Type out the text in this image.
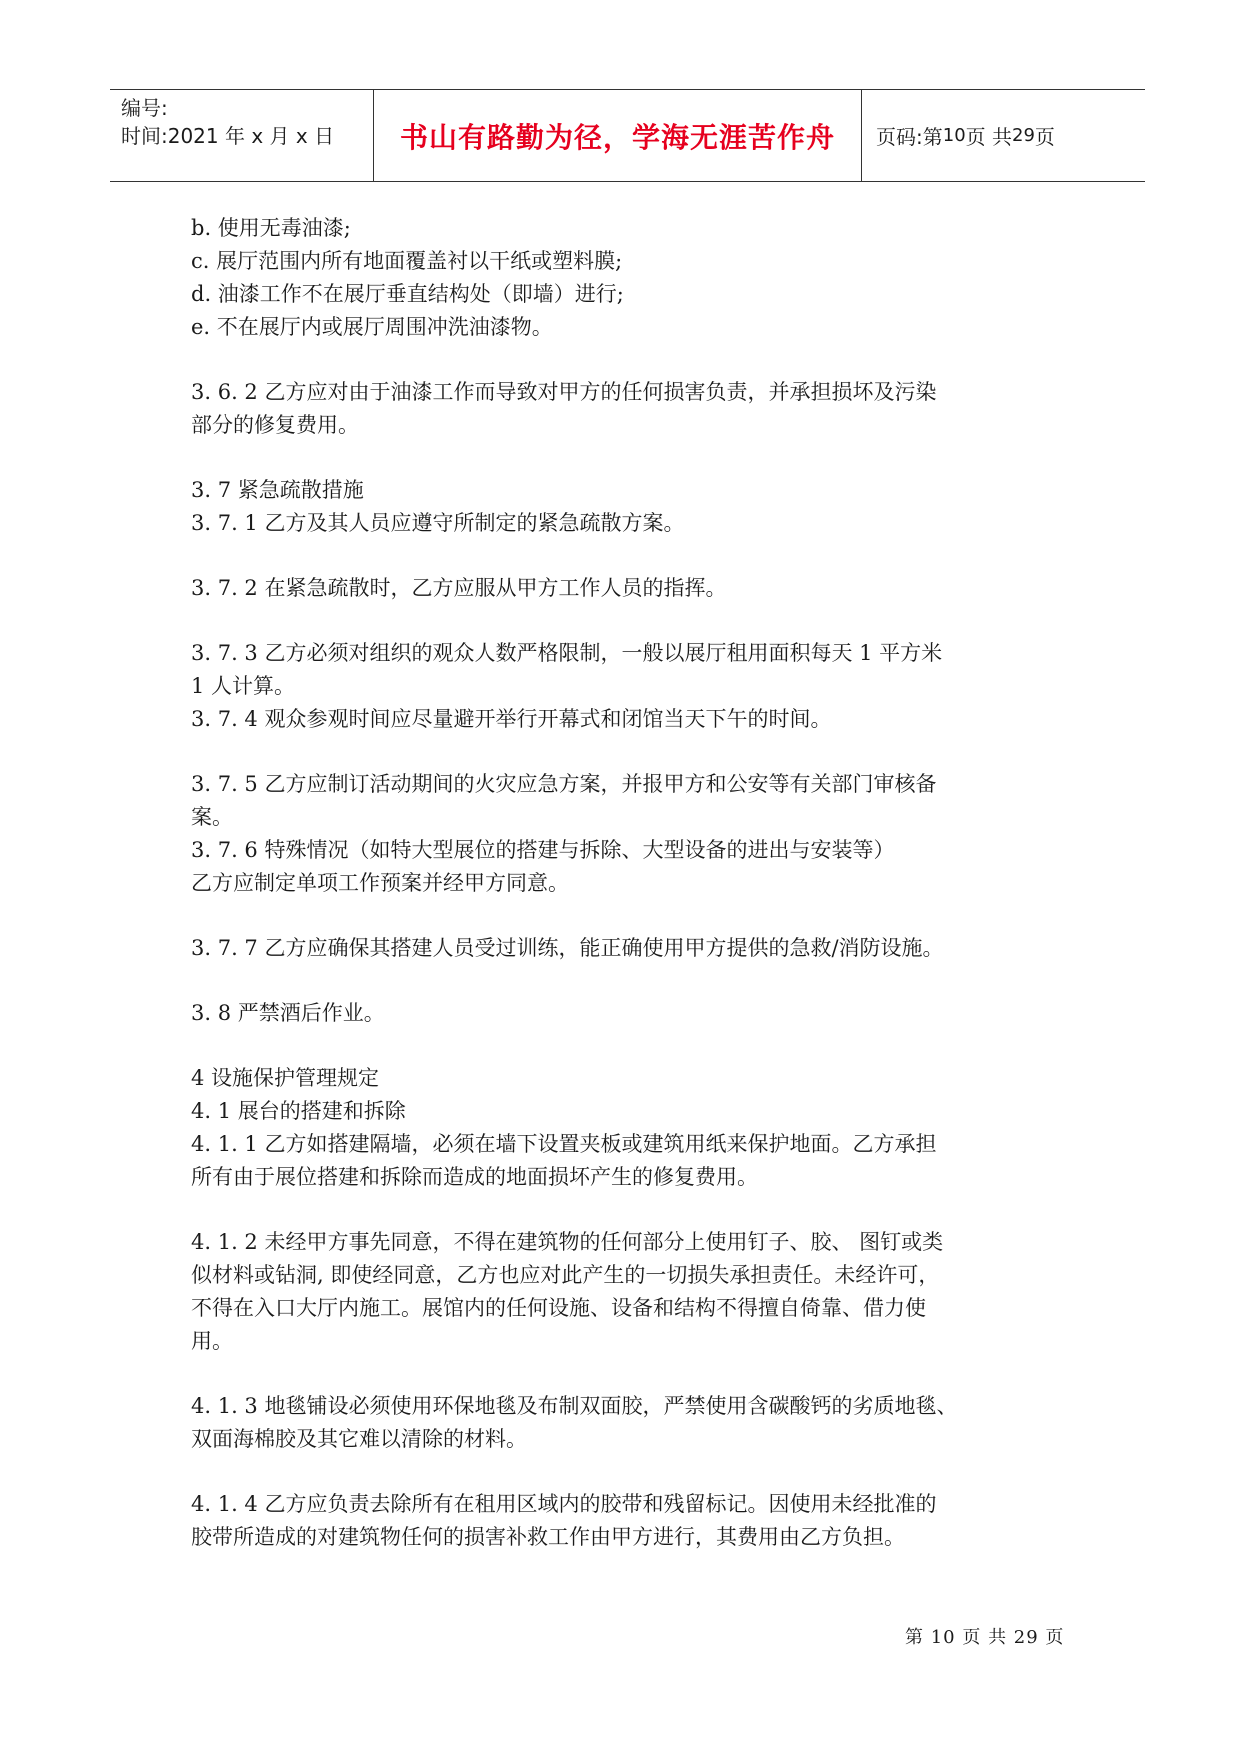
编号:
时间:2021 年 x 月 x 日	书山有路勤为径，学海无涯苦作舟	页码:第 10 页 共 29 页

b. 使用无毒油漆;

c. 展厅范围内所有地面覆盖衬以干纸或塑料膜;

d. 油漆工作不在展厅垂直结构处（即墙）进行;

e. 不在展厅内或展厅周围冲洗油漆物。

3. 6. 2 乙方应对由于油漆工作而导致对甲方的任何损害负责，并承担损坏及污染

部分的修复费用。

3. 7 紧急疏散措施

3. 7. 1 乙方及其人员应遵守所制定的紧急疏散方案。

3. 7. 2 在紧急疏散时，乙方应服从甲方工作人员的指挥。

3. 7. 3 乙方必须对组织的观众人数严格限制，一般以展厅租用面积每天 1 平方米

1 人计算。

3. 7. 4 观众参观时间应尽量避开举行开幕式和闭馆当天下午的时间。

3. 7. 5 乙方应制订活动期间的火灾应急方案，并报甲方和公安等有关部门审核备

案。

3. 7. 6 特殊情况（如特大型展位的搭建与拆除、大型设备的进出与安装等）

乙方应制定单项工作预案并经甲方同意。

3. 7. 7 乙方应确保其搭建人员受过训练，能正确使用甲方提供的急救/消防设施。

3. 8 严禁酒后作业。

4 设施保护管理规定

4. 1 展台的搭建和拆除

4. 1. 1 乙方如搭建隔墙，必须在墙下设置夹板或建筑用纸来保护地面。乙方承担

所有由于展位搭建和拆除而造成的地面损坏产生的修复费用。

4. 1. 2 未经甲方事先同意，不得在建筑物的任何部分上使用钉子、胶、 图钉或类

似材料或钻洞, 即使经同意，乙方也应对此产生的一切损失承担责任。未经许可，

不得在入口大厅内施工。展馆内的任何设施、设备和结构不得擅自倚靠、借力使

用。

4. 1. 3 地毯铺设必须使用环保地毯及布制双面胶，严禁使用含碳酸钙的劣质地毯、

双面海棉胶及其它难以清除的材料。

4. 1. 4 乙方应负责去除所有在租用区域内的胶带和残留标记。因使用未经批准的

胶带所造成的对建筑物任何的损害补救工作由甲方进行，其费用由乙方负担。

第 10 页 共 29 页
